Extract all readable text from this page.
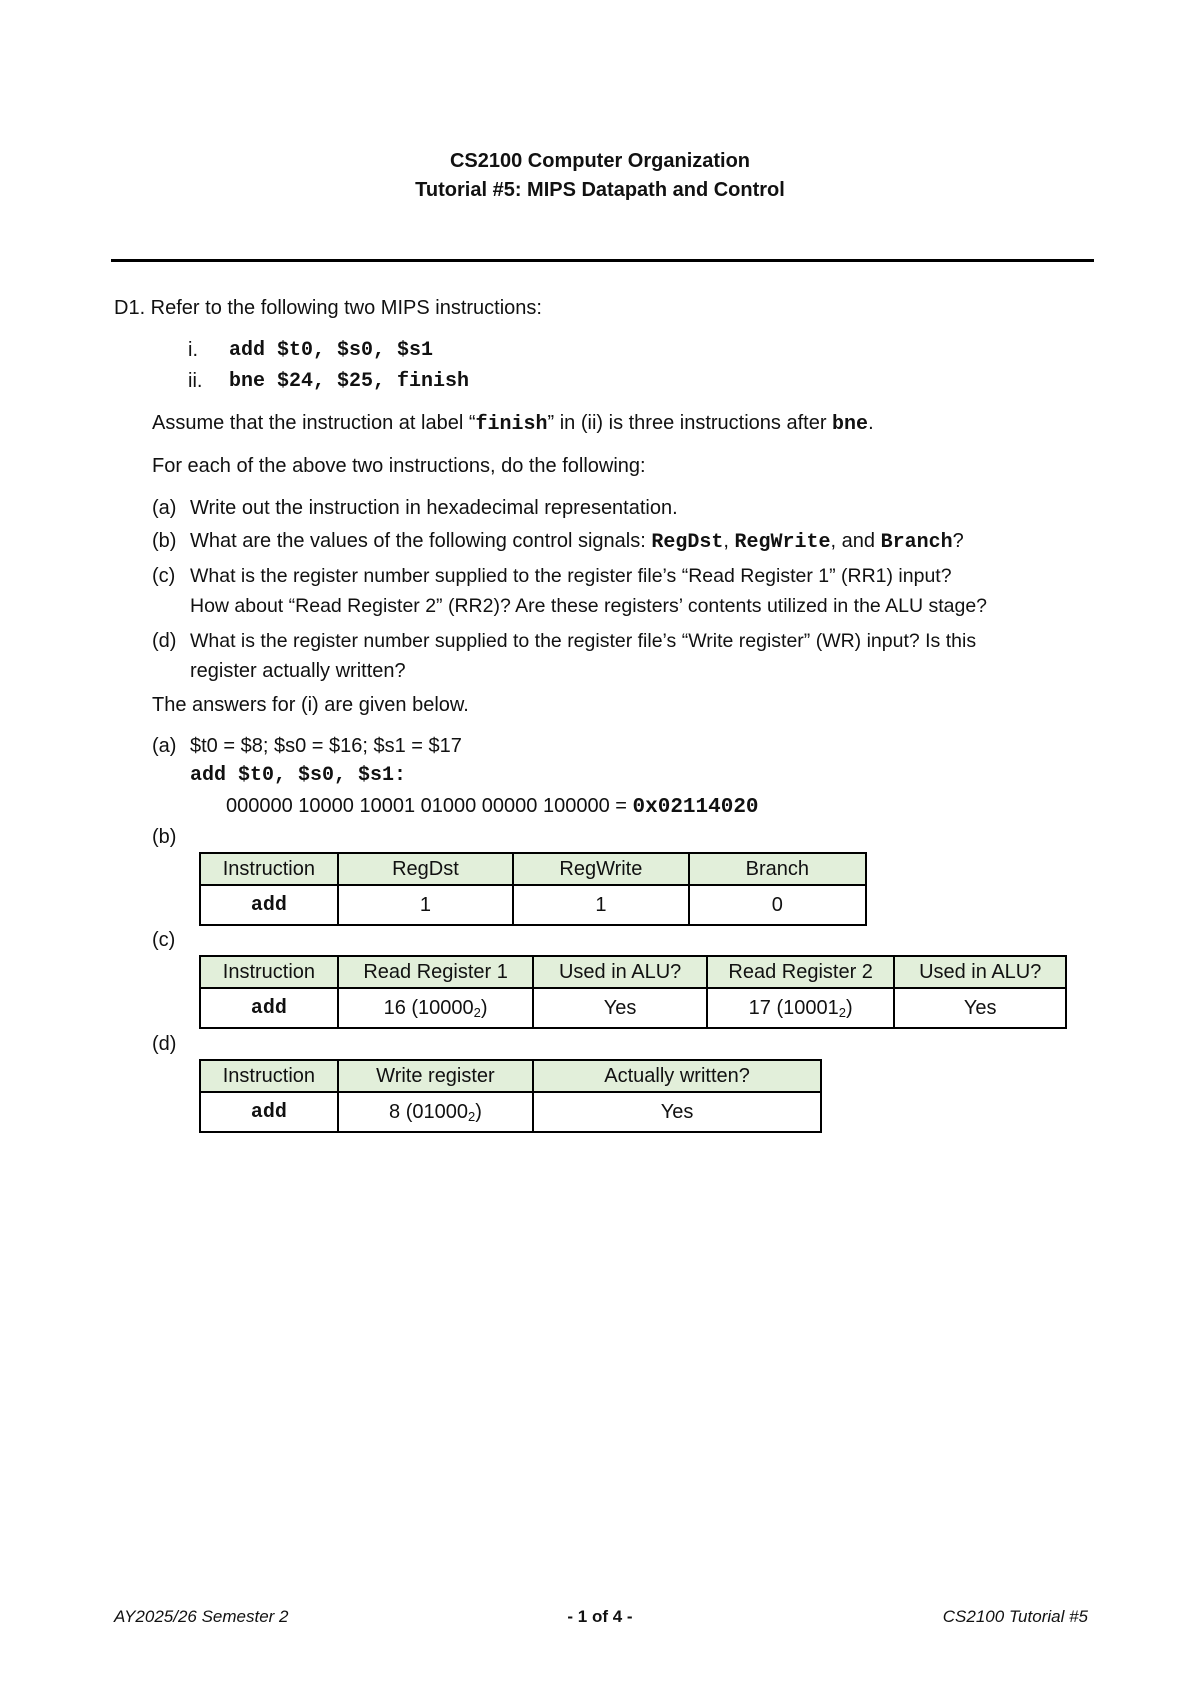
CS2100 Computer Organization
Tutorial #5: MIPS Datapath and Control
D1. Refer to the following two MIPS instructions:
i. add $t0, $s0, $s1
ii. bne $24, $25, finish
Assume that the instruction at label “finish” in (ii) is three instructions after bne.
For each of the above two instructions, do the following:
(a) Write out the instruction in hexadecimal representation.
(b) What are the values of the following control signals: RegDst, RegWrite, and Branch?
(c) What is the register number supplied to the register file’s “Read Register 1” (RR1) input?
How about “Read Register 2” (RR2)? Are these registers’ contents utilized in the ALU stage?
(d) What is the register number supplied to the register file’s “Write register” (WR) input? Is this
register actually written?
The answers for (i) are given below.
(a) $t0 = $8; $s0 = $16; $s1 = $17
add $t0, $s0, $s1:
000000 10000 10001 01000 00000 100000 = 0x02114020
(b)
Instruction	RegDst	RegWrite	Branch
add	1	1	0
(c)
Instruction	Read Register 1	Used in ALU?	Read Register 2	Used in ALU?
add	16 $(10000_2)$	Yes	17 $(10001_2)$	Yes
(d)
Instruction	Write register	Actually written?
add	8 $(01000_2)$	Yes
AY2025/26 Semester 2	- 1 of 4 -	CS2100 Tutorial #5
